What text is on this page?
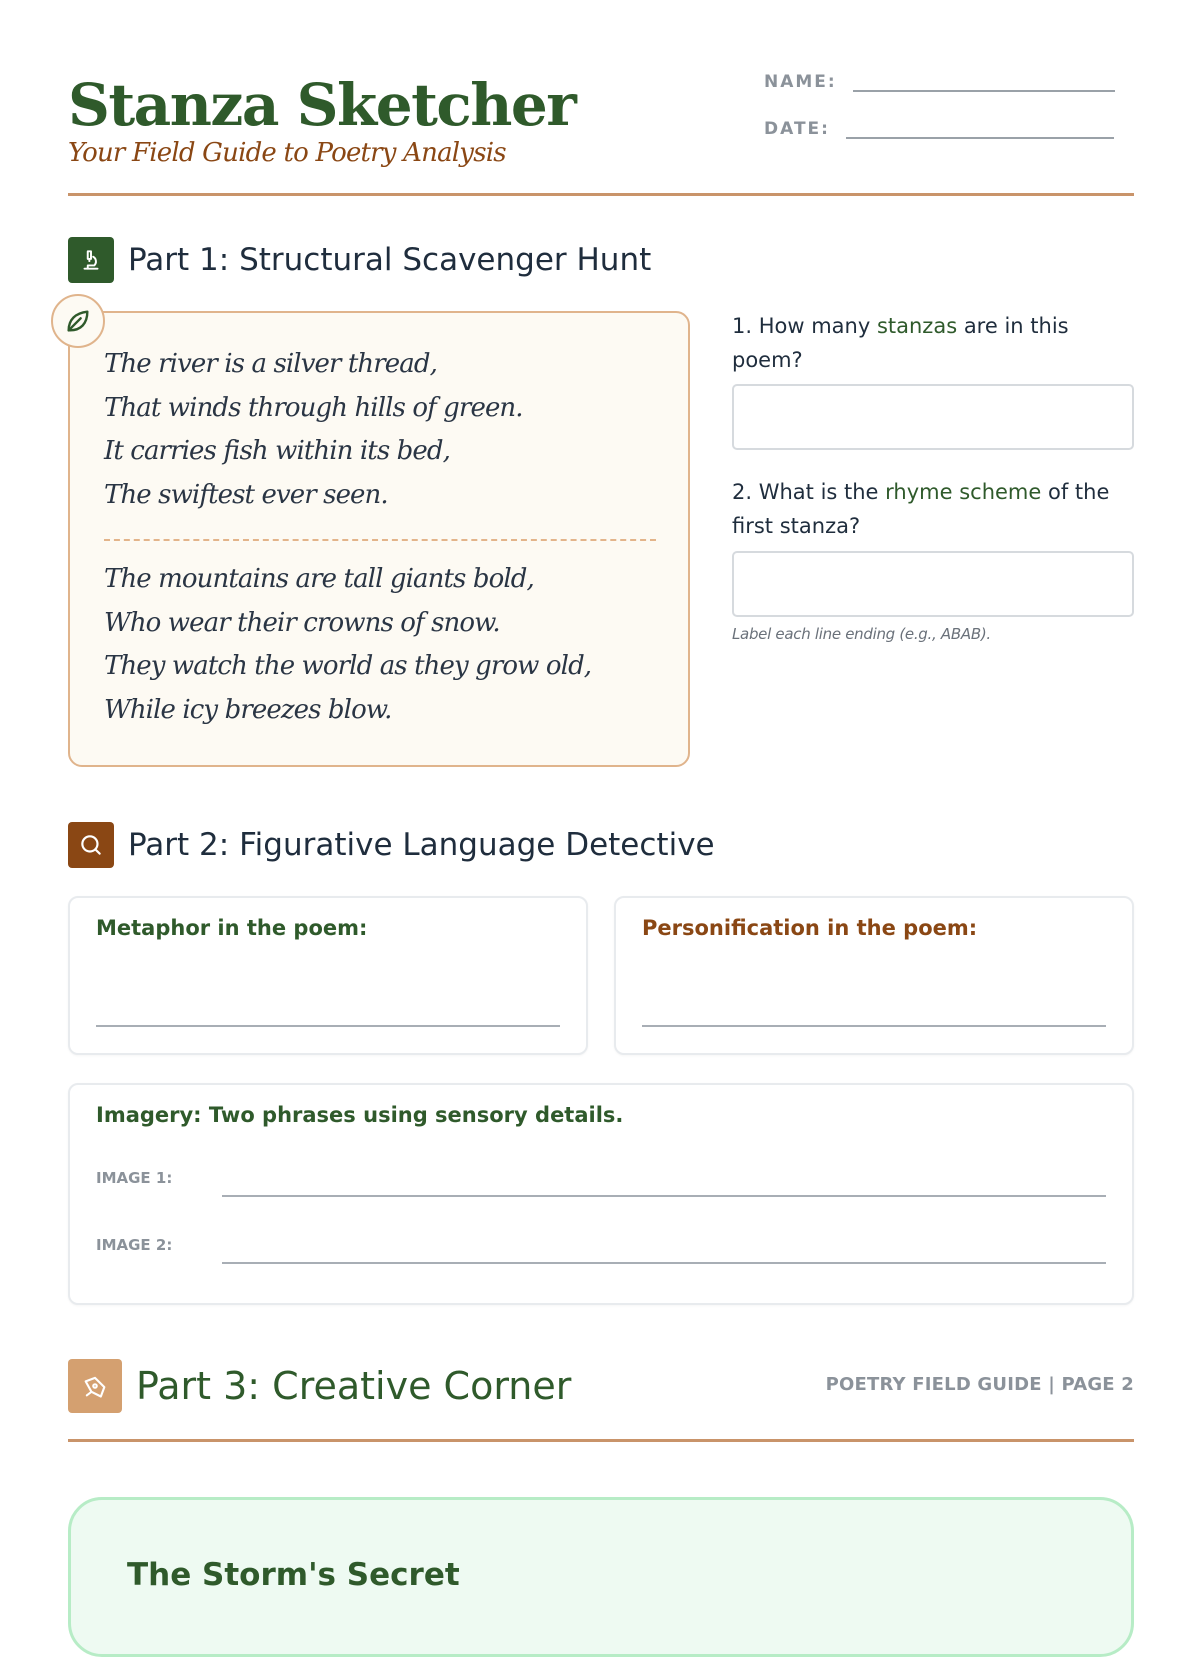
Stanza Sketcher
Your Field Guide to Poetry Analysis
NAME:
DATE:
Part 1: Structural Scavenger Hunt
The river is a silver thread,
That winds through hills of green.
It carries fish within its bed,
The swiftest ever seen.
The mountains are tall giants bold,
Who wear their crowns of snow.
They watch the world as they grow old,
While icy breezes blow.
1. How many stanzas are in this poem?
2. What is the rhyme scheme of the first stanza?
Label each line ending (e.g., ABAB).
Part 2: Figurative Language Detective
Metaphor in the poem:	Personification in the poem:
Imagery: Two phrases using sensory details.
IMAGE 1:
IMAGE 2:
Part 3: Creative Corner	POETRY FIELD GUIDE | PAGE 2
The Storm's Secret
